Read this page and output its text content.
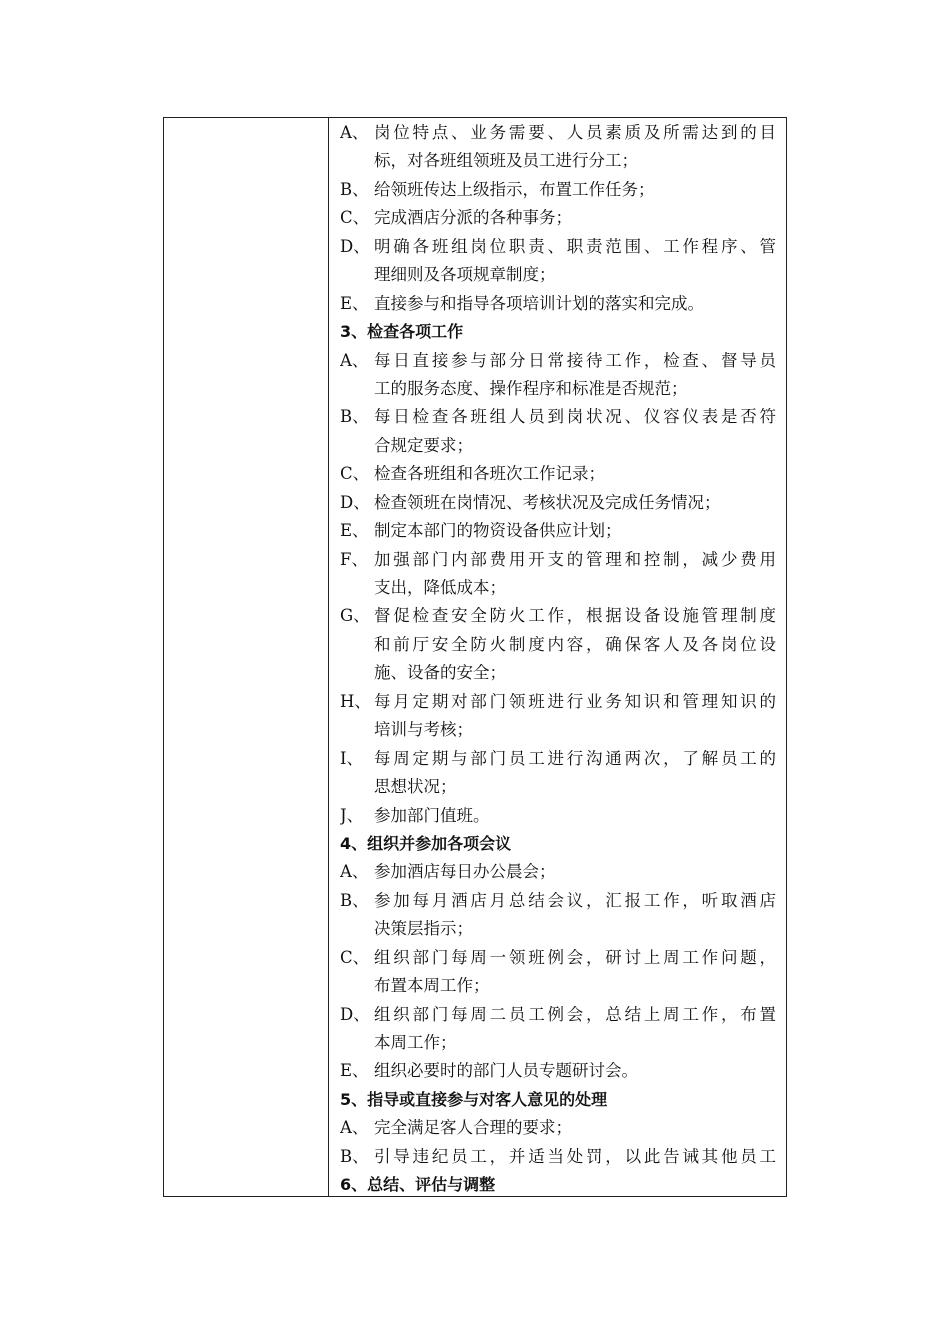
A、 岗位特点、业务需要、人员素质及所需达到的目
标，对各班组领班及员工进行分工；
B、 给领班传达上级指示，布置工作任务；
C、 完成酒店分派的各种事务；
D、 明确各班组岗位职责、职责范围、工作程序、管
理细则及各项规章制度；
E、 直接参与和指导各项培训计划的落实和完成。
3、检查各项工作
A、 每日直接参与部分日常接待工作，检查、督导员
工的服务态度、操作程序和标准是否规范；
B、 每日检查各班组人员到岗状况、仪容仪表是否符
合规定要求；
C、 检查各班组和各班次工作记录；
D、 检查领班在岗情况、考核状况及完成任务情况；
E、 制定本部门的物资设备供应计划；
F、 加强部门内部费用开支的管理和控制，减少费用
支出，降低成本；
G、 督促检查安全防火工作，根据设备设施管理制度
和前厅安全防火制度内容，确保客人及各岗位设
施、设备的安全；
H、 每月定期对部门领班进行业务知识和管理知识的
培训与考核；
I、 每周定期与部门员工进行沟通两次，了解员工的
思想状况；
J、 参加部门值班。
4、组织并参加各项会议
A、 参加酒店每日办公晨会；
B、 参加每月酒店月总结会议，汇报工作，听取酒店
决策层指示；
C、 组织部门每周一领班例会，研讨上周工作问题，
布置本周工作；
D、 组织部门每周二员工例会，总结上周工作，布置
本周工作；
E、 组织必要时的部门人员专题研讨会。
5、指导或直接参与对客人意见的处理
A、 完全满足客人合理的要求；
B、 引导违纪员工，并适当处罚，以此告诫其他员工
6、总结、评估与调整
